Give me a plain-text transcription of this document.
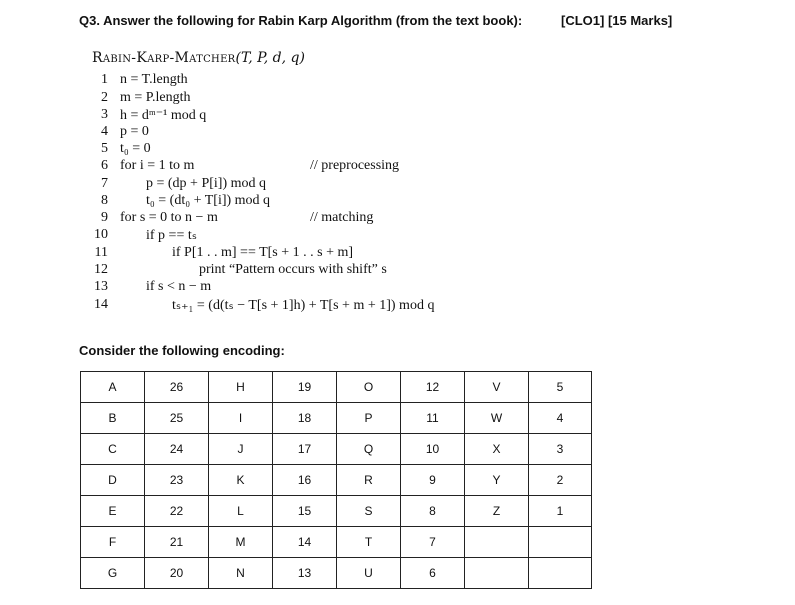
Q3. Answer the following for Rabin Karp Algorithm (from the text book):	[CLO1] [15 Marks]
Rabin-Karp-Matcher(T, P, d, q)
1 n = T.length
2 m = P.length
3 h = dᵐ⁻¹ mod q
4 p = 0
5 t₀ = 0
6 for i = 1 to m	// preprocessing
7	p = (dp + P[i]) mod q
8	t₀ = (dt₀ + T[i]) mod q
9 for s = 0 to n − m	// matching
10	if p == tₛ
11	if P[1 . . m] == T[s + 1 . . s + m]
12	print “Pattern occurs with shift” s
13	if s < n − m
14	tₛ₊₁ = (d(tₛ − T[s + 1]h) + T[s + m + 1]) mod q
Consider the following encoding:
A	26	H	19	O	12	V	5
B	25	I	18	P	11	W	4
C	24	J	17	Q	10	X	3
D	23	K	16	R	9	Y	2
E	22	L	15	S	8	Z	1
F	21	M	14	T	7		
G	20	N	13	U	6		
